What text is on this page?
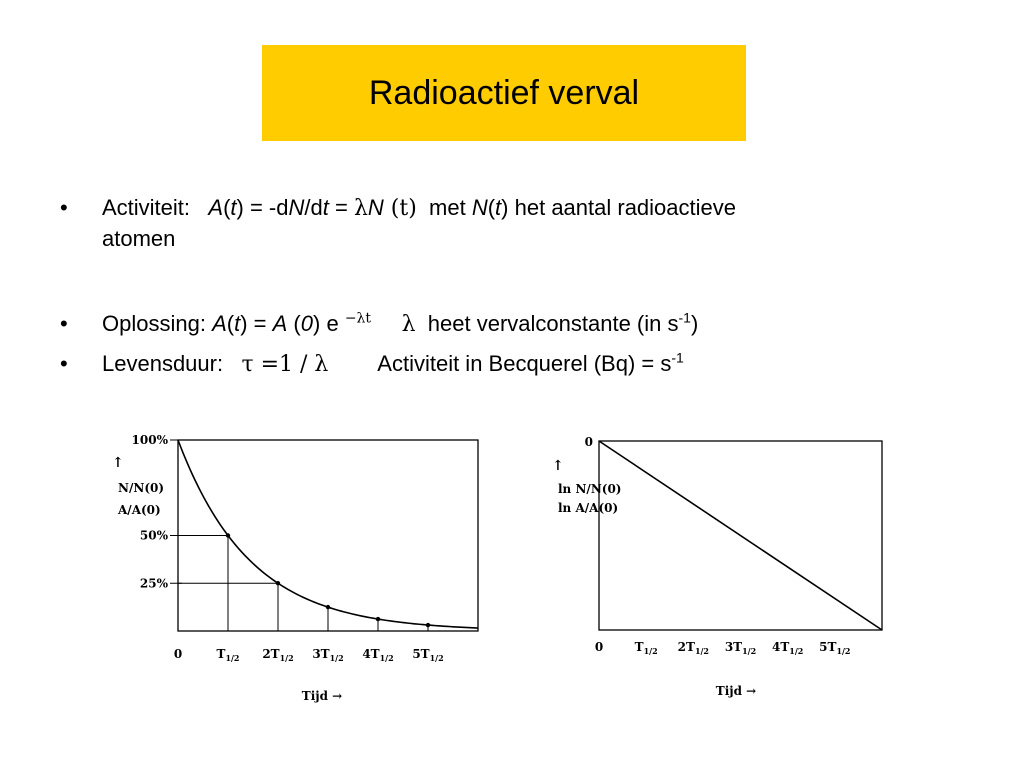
Radioactief verval
• Activiteit: A(t) = -dN/dt = λN (t) met N(t) het aantal radioactieve
atomen
• Oplossing: A(t) = A (0) e $^{-\lambda t}$ λ heet vervalconstante (in $s^{-1}$)
• Levensduur: τ =1 / λ Activiteit in Becquerel $(Bq) = s^{-1}$
0	$T_{1/2}$ $2T_{1/2}$ $3T_{1/2}$ $4T_{1/2}$ $5T_{1/2}$
100%
50%
25%
↑
N/N(0)
A/A(0)
Tijd →
0	$T_{1/2}$ $2T_{1/2}$ $3T_{1/2}$ $4T_{1/2}$ $5T_{1/2}$
0
↑
ln N/N(0)
ln A/A(0)
Tijd →
